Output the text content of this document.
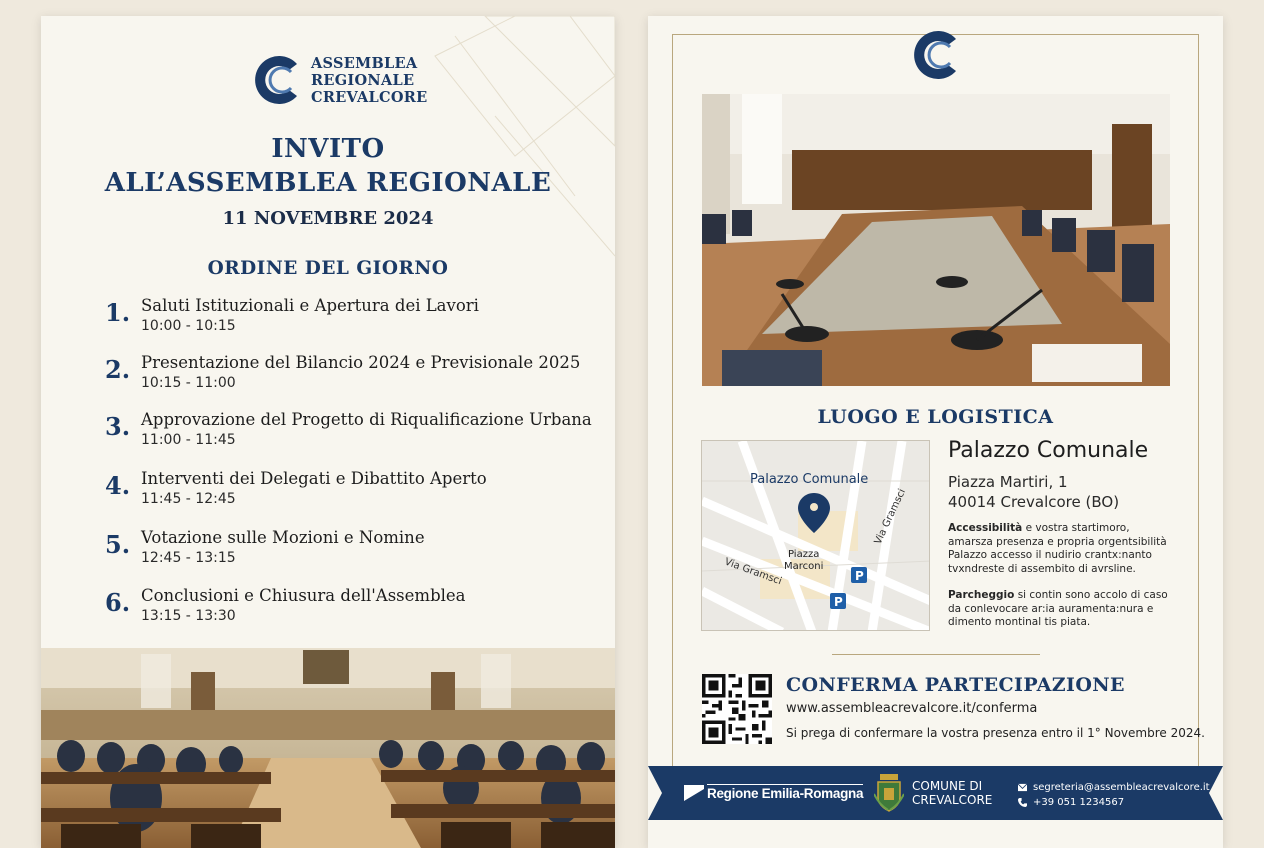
ASSEMBLEA
REGIONALE
CREVALCORE
INVITO
ALL’ASSEMBLEA REGIONALE
11 NOVEMBRE 2024
ORDINE DEL GIORNO
1. Saluti Istituzionali e Apertura dei Lavori
10:00 - 10:15
2. Presentazione del Bilancio 2024 e Previsionale 2025
10:15 - 11:00
3. Approvazione del Progetto di Riqualificazione Urbana
11:00 - 11:45
4. Interventi dei Delegati e Dibattito Aperto
11:45 - 12:45
5. Votazione sulle Mozioni e Nomine
12:45 - 13:15
6. Conclusioni e Chiusura dell'Assemblea
13:15 - 13:30
LUOGO E LOGISTICA
Palazzo Comunale
Via Gramsci
Via Gramsci
Piazza
Marconi
P
P
Palazzo Comunale
Piazza Martiri, 1
40014 Crevalcore (BO)
Accessibilità e vostra startimoro, amarsza presenza e propria orgentsibilità Palazzo accesso il nudirio crantx:nanto tvxndreste di assembito di avrsline.
Parcheggio si contin sono accolo di caso da conlevocare ar:ia auramenta:nura e dimento montinal tis piata.
CONFERMA PARTECIPAZIONE
www.assembleacrevalcore.it/conferma
Si prega di confermare la vostra presenza entro il 1° Novembre 2024.
Regione Emilia-Romagna	COMUNE DI
CREVALCORE
segreteria@assembleacrevalcore.it
+39 051 1234567
